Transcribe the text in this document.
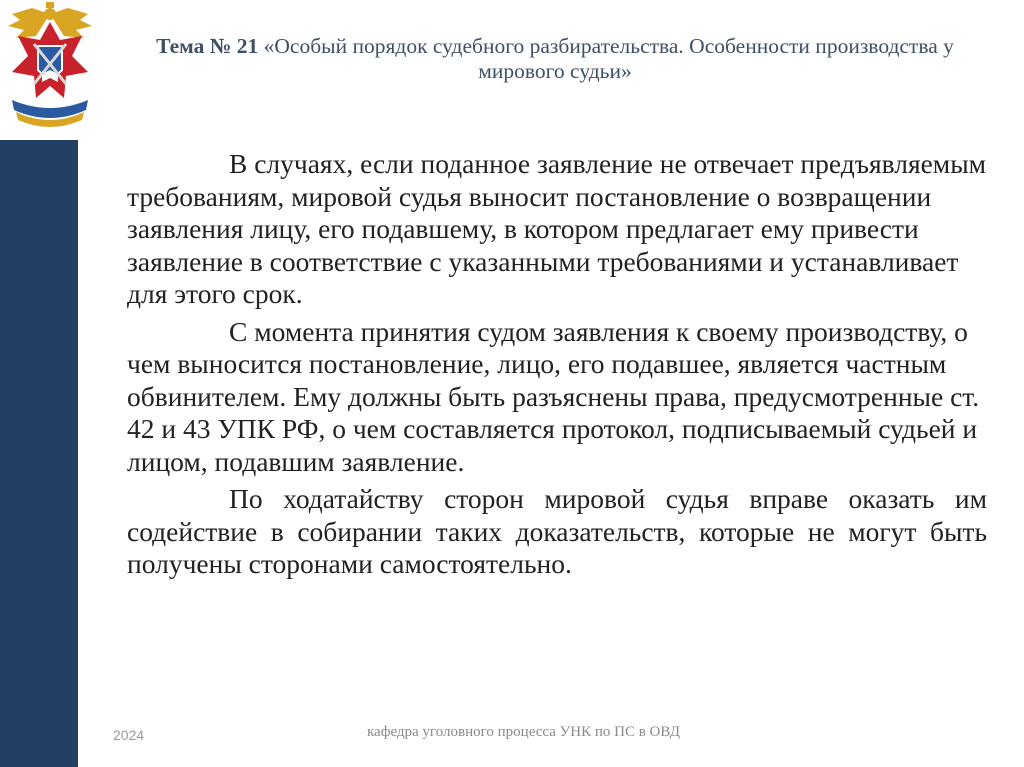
Тема № 21 «Особый порядок судебного разбирательства. Особенности производства у мирового судьи»

В случаях, если поданное заявление не отвечает предъявляемым требованиям, мировой судья выносит постановление о возвращении заявления лицу, его подавшему, в котором предлагает ему привести заявление в соответствие с указанными требованиями и устанавливает для этого срок.

С момента принятия судом заявления к своему производству, о чем выносится постановление, лицо, его подавшее, является частным обвинителем. Ему должны быть разъяснены права, предусмотренные ст. 42 и 43 УПК РФ, о чем составляется протокол, подписываемый судьей и лицом, подавшим заявление.

По ходатайству сторон мировой судья вправе оказать им содействие в собирании таких доказательств, которые не могут быть получены сторонами самостоятельно.

2024	кафедра уголовного процесса УНК по ПС в ОВД
